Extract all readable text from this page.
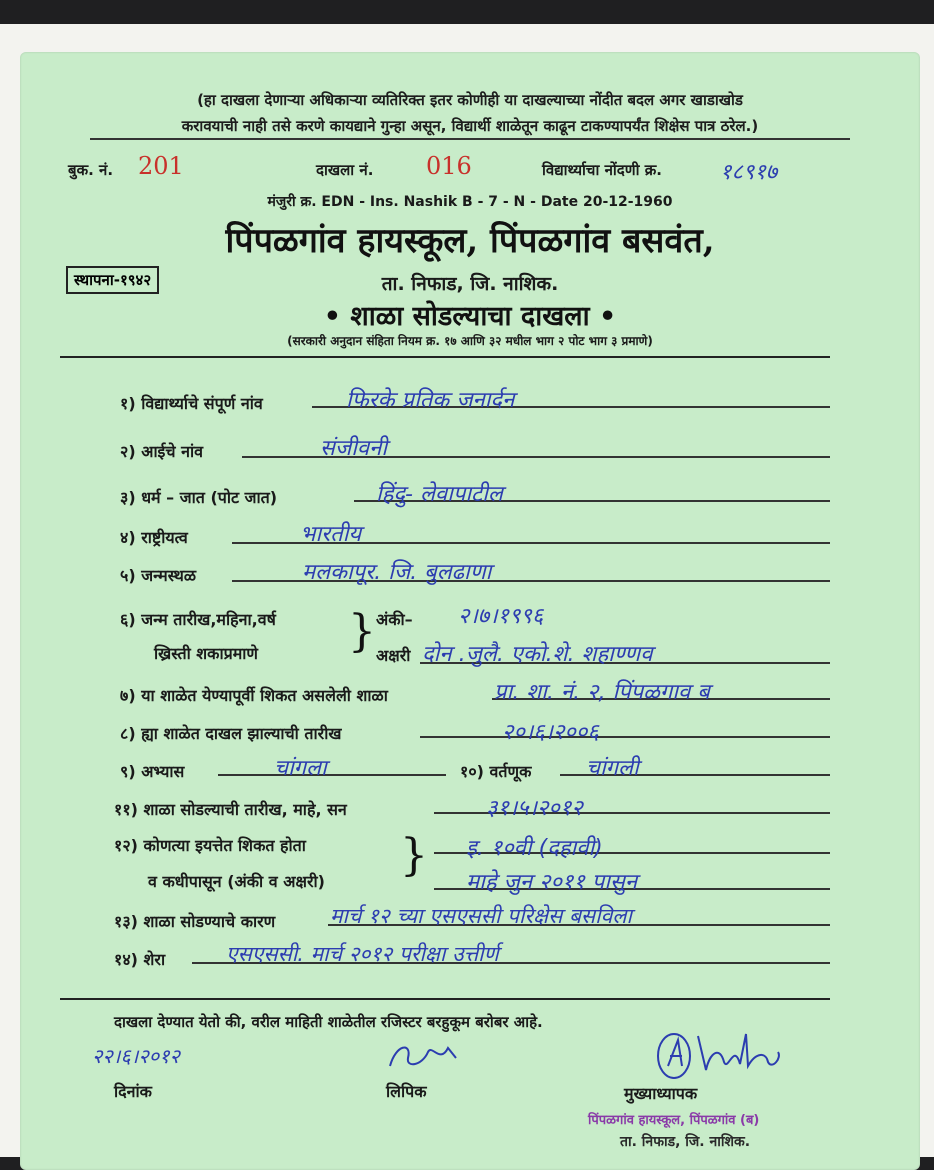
(हा दाखला देणाऱ्या अधिकाऱ्या व्यतिरिक्त इतर कोणीही या दाखल्याच्या नोंदीत बदल अगर खाडाखोड
करावयाची नाही तसे करणे कायद्याने गुन्हा असून, विद्यार्थी शाळेतून काढून टाकण्यापर्यंत शिक्षेस पात्र ठरेल.)
बुक. नं. 201	दाखला नं. 016	विद्यार्थ्याचा नोंदणी क्र.	१८९१७
मंजुरी क्र. EDN - Ins. Nashik B - 7 - N - Date 20-12-1960
पिंपळगांव हायस्कूल, पिंपळगांव बसवंत,
स्थापना-१९४२	ता. निफाड, जि. नाशिक.
• शाळा सोडल्याचा दाखला •
(सरकारी अनुदान संहिता नियम क्र. १७ आणि ३२ मधील भाग २ पोट भाग ३ प्रमाणे)
१) विद्यार्थ्याचे संपूर्ण नांव	फिरके प्रतिक जनार्दन
२) आईचे नांव	संजीवनी
३) धर्म – जात (पोट जात)	हिंदु- लेवापाटील
४) राष्ट्रीयत्व	भारतीय
५) जन्मस्थळ	मलकापूर. जि. बुलढाणा
६) जन्म तारीख,महिना,वर्ष
ख्रिस्ती शकाप्रमाणे } अंकी– २।७।१९९६
अक्षरी दोन .जुलै. एको.शे. शहाण्णव
७) या शाळेत येण्यापूर्वी शिकत असलेली शाळा	प्रा. शा. नं. २, पिंपळगाव ब
८) ह्या शाळेत दाखल झाल्याची तारीख	२०।६।२००६
९) अभ्यास	चांगला	१०) वर्तणूक चांगली
११) शाळा सोडल्याची तारीख, माहे, सन	३१।५।२०१२
१२) कोणत्या इयत्तेत शिकत होता
व कधीपासून (अंकी व अक्षरी)
} इ. १०वी (दहावी)
माहे जुन २०११ पासुन
१३) शाळा सोडण्याचे कारण	मार्च १२ च्या एसएससी परिक्षेस बसविला
१४) शेरा	एसएससी. मार्च २०१२ परीक्षा उत्तीर्ण
दाखला देण्यात येतो की, वरील माहिती शाळेतील रजिस्टर बरहुकूम बरोबर आहे.
२२।६।२०१२
दिनांक	लिपिक	मुख्याध्यापक
पिंपळगांव हायस्कूल, पिंपळगांव (ब)
ता. निफाड, जि. नाशिक.
